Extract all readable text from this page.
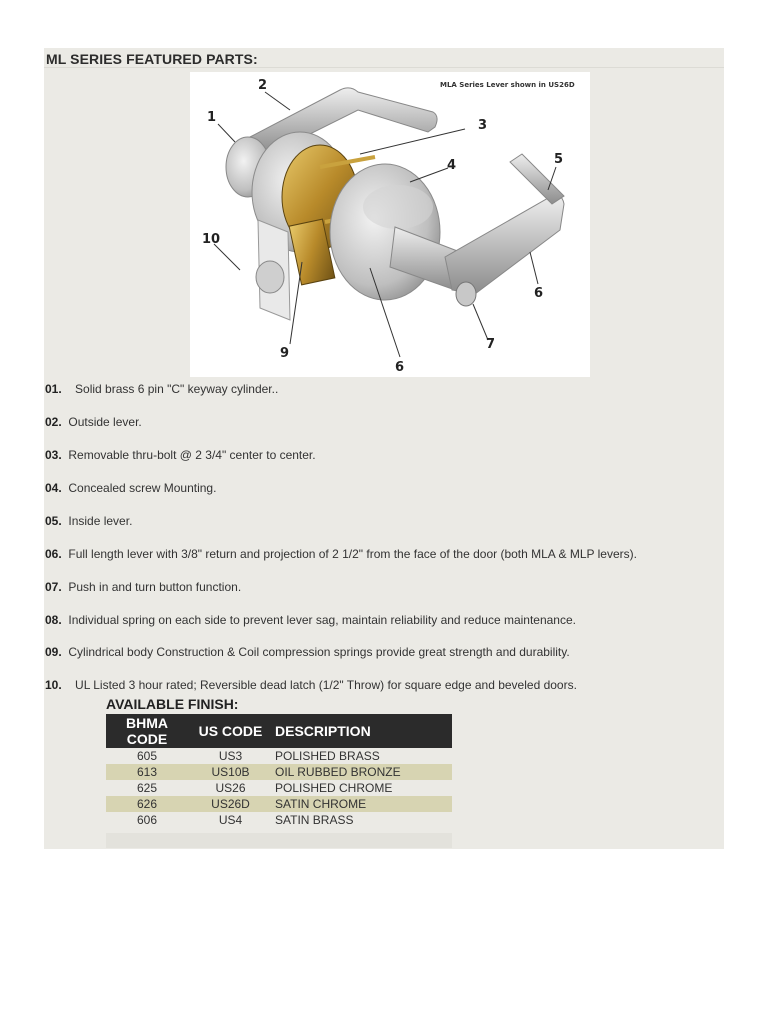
ML SERIES FEATURED PARTS:
MLA Series Lever shown in US26D
1
2
3
4	5
6
7
6
9
10
01. Solid brass 6 pin "C" keyway cylinder..
02. Outside lever.
03. Removable thru-bolt @ 2 3/4" center to center.
04. Concealed screw Mounting.
05. Inside lever.
06. Full length lever with 3/8" return and projection of 2 1/2" from the face of the door (both MLA & MLP levers).
07. Push in and turn button function.
08. Individual spring on each side to prevent lever sag, maintain reliability and reduce maintenance.
09. Cylindrical body Construction & Coil compression springs provide great strength and durability.
10. UL Listed 3 hour rated; Reversible dead latch (1/2" Throw) for square edge and beveled doors.
AVAILABLE FINISH:
BHMA CODE	US CODE	DESCRIPTION
605	US3	POLISHED BRASS
613	US10B	OIL RUBBED BRONZE
625	US26	POLISHED CHROME
626	US26D	SATIN CHROME
606	US4	SATIN BRASS
